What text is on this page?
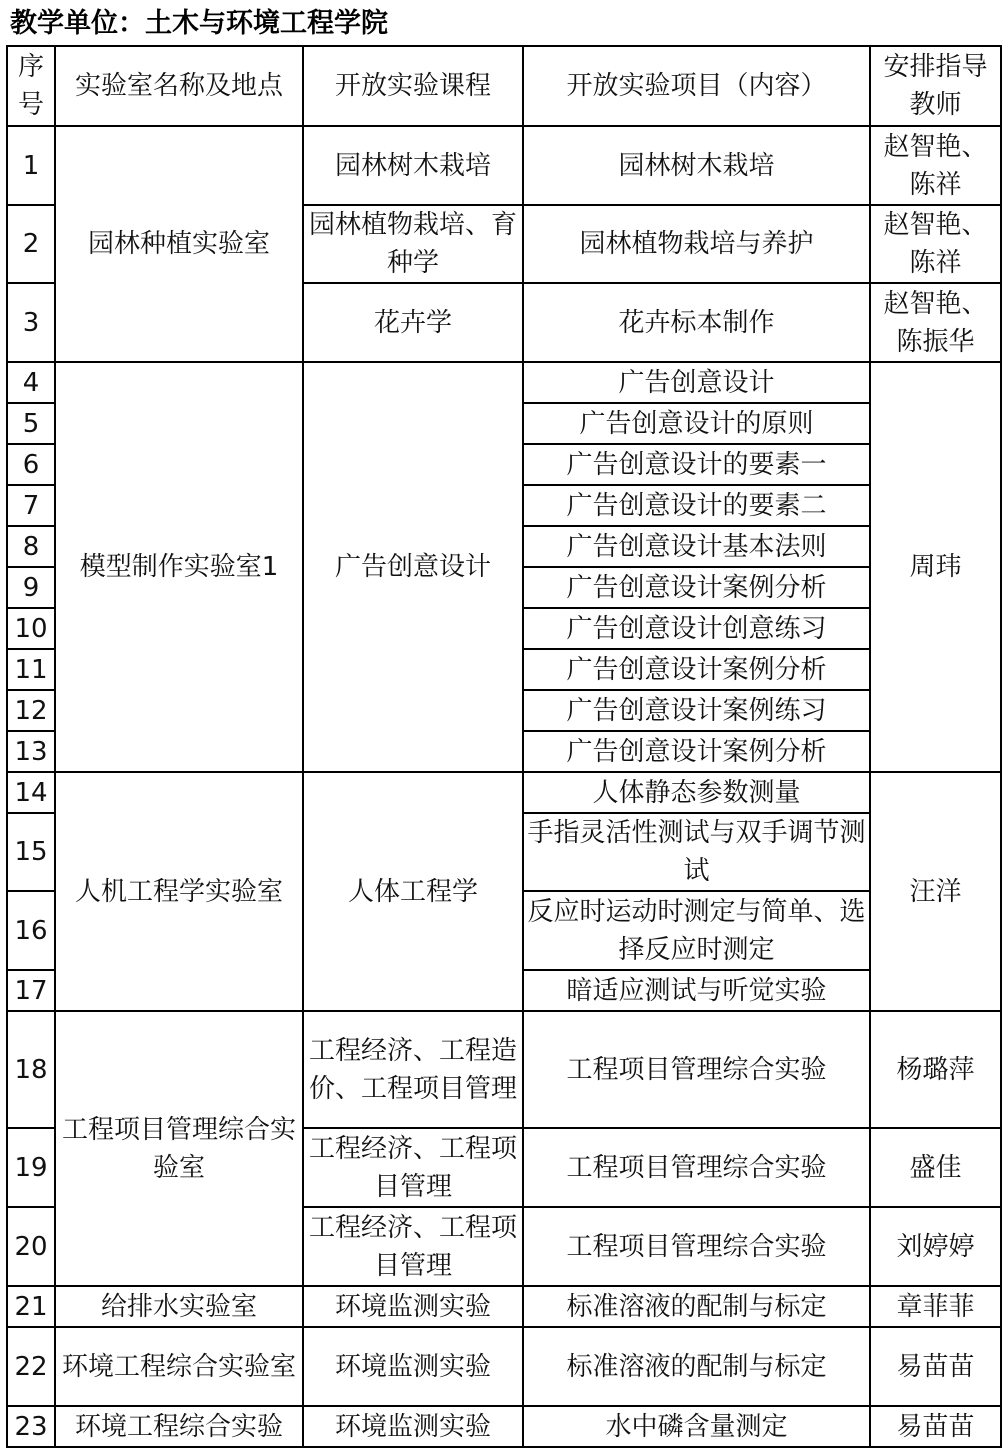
教学单位：土木与环境工程学院
序号	实验室名称及地点	开放实验课程	开放实验项目（内容）	安排指导教师
1	园林种植实验室	园林树木栽培	园林树木栽培	赵智艳、陈祥
2		园林植物栽培、育种学	园林植物栽培与养护	赵智艳、陈祥
3		花卉学	花卉标本制作	赵智艳、陈振华
4	模型制作实验室1	广告创意设计	广告创意设计	周玮
5			广告创意设计的原则	
6			广告创意设计的要素一	
7			广告创意设计的要素二	
8			广告创意设计基本法则	
9			广告创意设计案例分析	
10			广告创意设计创意练习	
11			广告创意设计案例分析	
12			广告创意设计案例练习	
13			广告创意设计案例分析	
14	人机工程学实验室	人体工程学	人体静态参数测量	汪洋
15			手指灵活性测试与双手调节测试	
16			反应时运动时测定与简单、选择反应时测定	
17			暗适应测试与听觉实验	
18	工程项目管理综合实验室	工程经济、工程造价、工程项目管理	工程项目管理综合实验	杨璐萍
19		工程经济、工程项目管理	工程项目管理综合实验	盛佳
20		工程经济、工程项目管理	工程项目管理综合实验	刘婷婷
21	给排水实验室	环境监测实验	标准溶液的配制与标定	章菲菲
22	环境工程综合实验室	环境监测实验	标准溶液的配制与标定	易苗苗
23	环境工程综合实验	环境监测实验	水中磷含量测定	易苗苗
